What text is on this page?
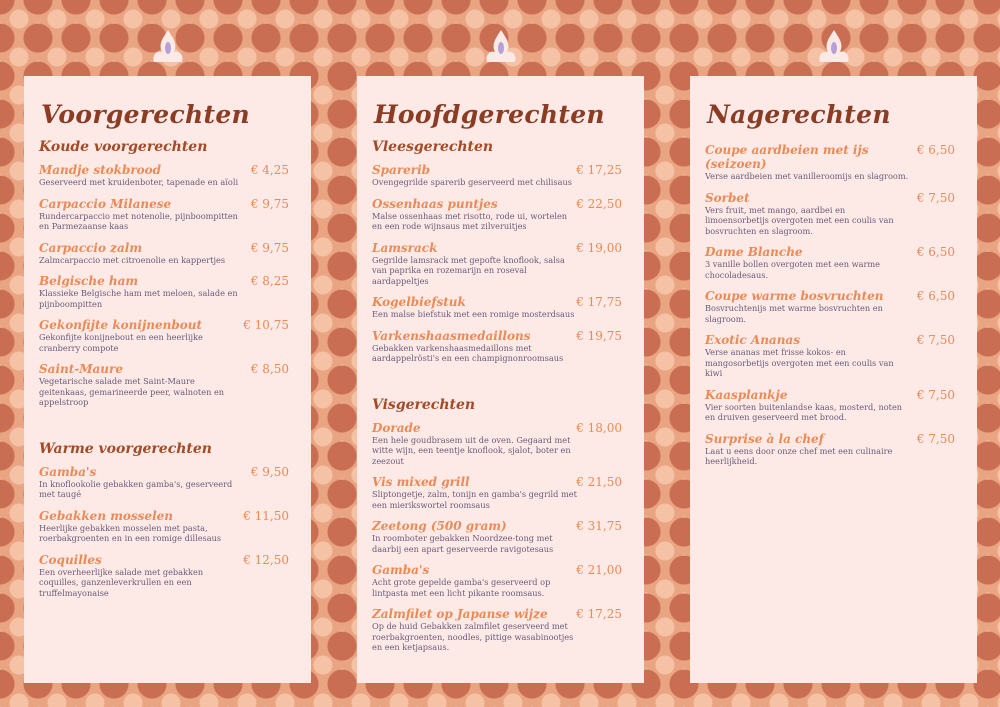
Voorgerechten
Koude voorgerechten
Mandje stokbrood	€ 4,25
Geserveerd met kruidenboter, tapenade en aïoli
Carpaccio Milanese	€ 9,75
Rundercarpaccio met notenolie, pijnboompitten en Parmezaanse kaas
Carpaccio zalm	€ 9,75
Zalmcarpaccio met citroenolie en kappertjes
Belgische ham	€ 8,25
Klassieke Belgische ham met meloen, salade en pijnboompitten
Gekonfijte konijnenbout	€ 10,75
Gekonfijte konijnebout en een heerlijke cranberry compote
Saint-Maure	€ 8,50
Vegetarische salade met Saint-Maure geitenkaas, gemarineerde peer, walnoten en appelstroop
Warme voorgerechten
Gamba's	€ 9,50
In knoflookolie gebakken gamba's, geserveerd met taugé
Gebakken mosselen	€ 11,50
Heerlijke gebakken mosselen met pasta, roerbakgroenten en in een romige dillesaus
Coquilles	€ 12,50
Een overheerlijke salade met gebakken coquilles, ganzenleverkrullen en een truffelmayonaise
Hoofdgerechten
Vleesgerechten
Sparerib	€ 17,25
Ovengegrilde sparerib geserveerd met chilisaus
Ossenhaas puntjes	€ 22,50
Malse ossenhaas met risotto, rode ui, wortelen en een rode wijnsaus met zilveruitjes
Lamsrack	€ 19,00
Gegrilde lamsrack met gepofte knoflook, salsa van paprika en rozemarijn en roseval aardappeltjes
Kogelbiefstuk	€ 17,75
Een malse biefstuk met een romige mosterdsaus
Varkenshaasmedaillons	€ 19,75
Gebakken varkenshaasmedaillons met aardappelrösti's en een champignonroomsaus
Visgerechten
Dorade	€ 18,00
Een hele goudbrasem uit de oven. Gegaard met witte wijn, een teentje knoflook, sjalot, boter en zeezout
Vis mixed grill	€ 21,50
Sliptongetje, zalm, tonijn en gamba's gegrild met een mierikswortel roomsaus
Zeetong (500 gram)	€ 31,75
In roomboter gebakken Noordzee-tong met daarbij een apart geserveerde ravigotesaus
Gamba's	€ 21,00
Acht grote gepelde gamba's geserveerd op lintpasta met een licht pikante roomsaus.
Zalmfilet op Japanse wijze	€ 17,25
Op de huid Gebakken zalmfilet geserveerd met roerbakgroenten, noodles, pittige wasabinootjes en een ketjapsaus.
Nagerechten
Coupe aardbeien met ijs (seizoen)
€ 6,50
Verse aardbeien met vanilleroomijs en slagroom.
Sorbet	€ 7,50
Vers fruit, met mango, aardbei en limoensorbetijs overgoten met een coulis van bosvruchten en slagroom.
Dame Blanche	€ 6,50
3 vanille bollen overgoten met een warme chocoladesaus.
Coupe warme bosvruchten	€ 6,50
Bosvruchtenijs met warme bosvruchten en slagroom.
Exotic Ananas	€ 7,50
Verse ananas met frisse kokos- en mangosorbetijs overgoten met een coulis van kiwi
Kaasplankje	€ 7,50
Vier soorten buitenlandse kaas, mosterd, noten en druiven geserveerd met brood.
Surprise à la chef	€ 7,50
Laat u eens door onze chef met een culinaire heerlijkheid.
